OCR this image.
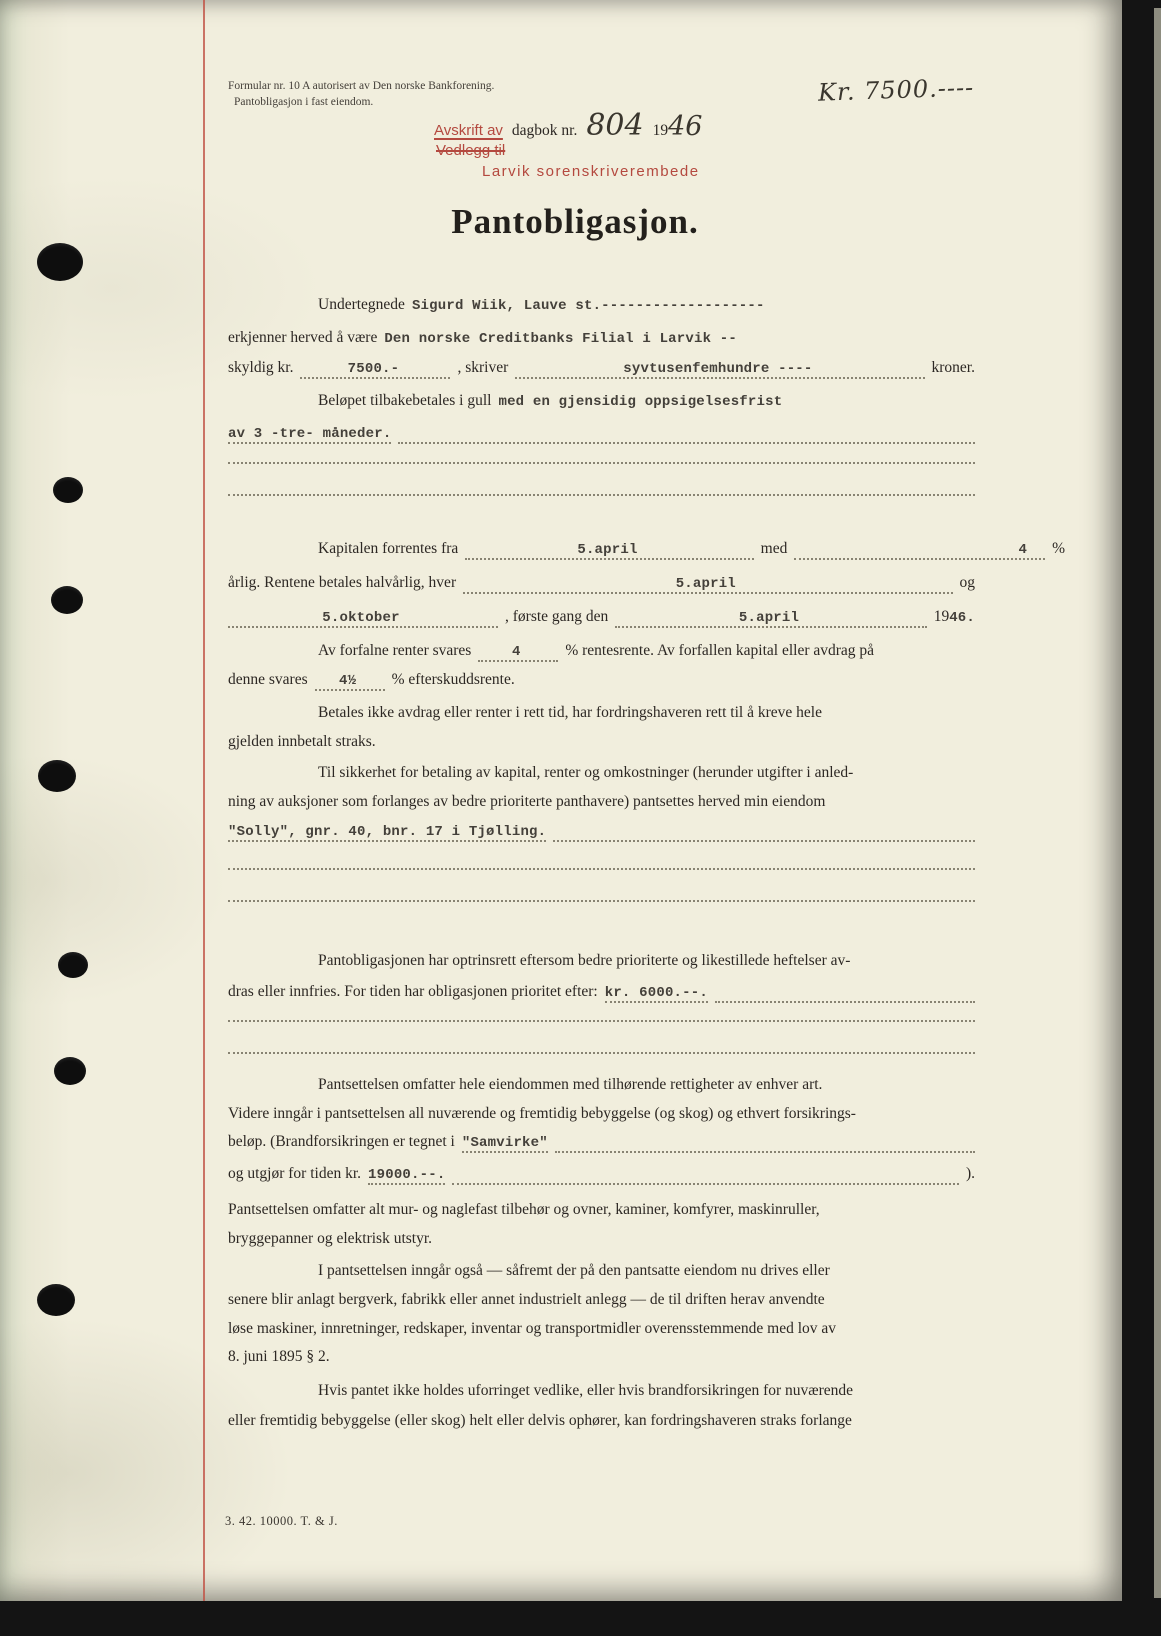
Formular nr. 10 A autorisert av Den norske Bankforening.
Pantobligasjon i fast eiendom.	Kr. 7500.----
Avskrift av dagbok nr. 804 19 46
Vedlegg til
Larvik sorenskriverembede
Pantobligasjon.
Undertegnede Sigurd Wiik, Lauve st.-------------------
erkjenner herved å være Den norske Creditbanks Filial i Larvik --
skyldig kr.	7500.-	, skriver	syvtusenfemhundre ----	kroner.
Beløpet tilbakebetales i gull med en gjensidig oppsigelsesfrist
av 3 -tre- måneder.
Kapitalen forrentes fra	5.april	med	4	%
årlig. Rentene betales halvårlig, hver	5.april	og
5.oktober	, første gang den	5.april	19 46.
Av forfalne renter svares	4	% rentesrente. Av forfallen kapital eller avdrag på
denne svares	4½	% efterskuddsrente.
Betales ikke avdrag eller renter i rett tid, har fordringshaveren rett til å kreve hele
gjelden innbetalt straks.
Til sikkerhet for betaling av kapital, renter og omkostninger (herunder utgifter i anled-
ning av auksjoner som forlanges av bedre prioriterte panthavere) pantsettes herved min eiendom
"Solly", gnr. 40, bnr. 17 i Tjølling.
Pantobligasjonen har optrinsrett eftersom bedre prioriterte og likestillede heftelser av-
dras eller innfries. For tiden har obligasjonen prioritet efter: kr. 6000.--.
Pantsettelsen omfatter hele eiendommen med tilhørende rettigheter av enhver art.
Videre inngår i pantsettelsen all nuværende og fremtidig bebyggelse (og skog) og ethvert forsikrings-
beløp. (Brandforsikringen er tegnet i "Samvirke"
og utgjør for tiden kr. 19000.--.	).
Pantsettelsen omfatter alt mur- og naglefast tilbehør og ovner, kaminer, komfyrer, maskinruller,
bryggepanner og elektrisk utstyr.
I pantsettelsen inngår også — såfremt der på den pantsatte eiendom nu drives eller
senere blir anlagt bergverk, fabrikk eller annet industrielt anlegg — de til driften herav anvendte
løse maskiner, innretninger, redskaper, inventar og transportmidler overensstemmende med lov av
8. juni 1895 § 2.
Hvis pantet ikke holdes uforringet vedlike, eller hvis brandforsikringen for nuværende
eller fremtidig bebyggelse (eller skog) helt eller delvis ophører, kan fordringshaveren straks forlange
3. 42. 10000. T. & J.
